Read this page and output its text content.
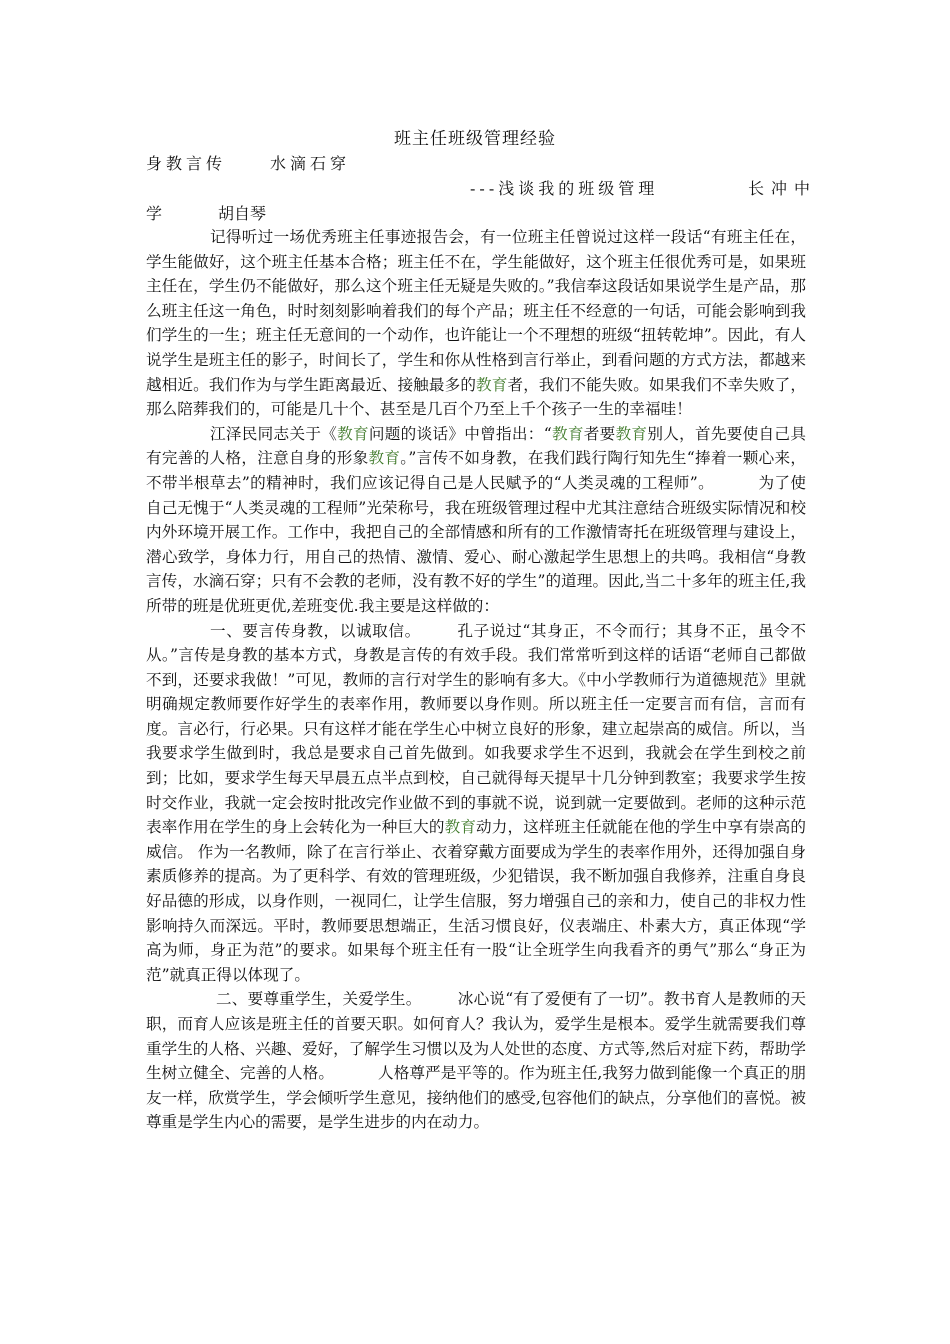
班主任班级管理经验
身教言传	水滴石穿
---浅谈我的班级管理	长冲中
学	胡自琴

记得听过一场优秀班主任事迹报告会，有一位班主任曾说过这样一段话“有班主任在，学生能做好，这个班主任基本合格；班主任不在，学生能做好，这个班主任很优秀可是，如果班主任在，学生仍不能做好，那么这个班主任无疑是失败的。”我信奉这段话如果说学生是产品，那么班主任这一角色，时时刻刻影响着我们的每个产品；班主任不经意的一句话，可能会影响到我们学生的一生；班主任无意间的一个动作，也许能让一个不理想的班级“扭转乾坤”。因此，有人说学生是班主任的影子，时间长了，学生和你从性格到言行举止，到看问题的方式方法，都越来越相近。我们作为与学生距离最近、接触最多的教育者，我们不能失败。如果我们不幸失败了，那么陪葬我们的，可能是几十个、甚至是几百个乃至上千个孩子一生的幸福哇！

江泽民同志关于《教育问题的谈话》中曾指出：“教育者要教育别人，首先要使自己具有完善的人格，注意自身的形象教育。”言传不如身教，在我们践行陶行知先生“捧着一颗心来，不带半根草去”的精神时，我们应该记得自己是人民赋予的“人类灵魂的工程师”。	为了使自己无愧于“人类灵魂的工程师”光荣称号，我在班级管理过程中尤其注意结合班级实际情况和校内外环境开展工作。工作中，我把自己的全部情感和所有的工作激情寄托在班级管理与建设上，潜心致学，身体力行，用自己的热情、激情、爱心、耐心激起学生思想上的共鸣。我相信“身教言传，水滴石穿；只有不会教的老师，没有教不好的学生”的道理。因此,当二十多年的班主任,我所带的班是优班更优,差班变优.我主要是这样做的：

一、要言传身教，以诚取信。 孔子说过“其身正，不令而行；其身不正，虽令不从。”言传是身教的基本方式，身教是言传的有效手段。我们常常听到这样的话语“老师自己都做不到，还要求我做！”可见，教师的言行对学生的影响有多大。《中小学教师行为道德规范》里就明确规定教师要作好学生的表率作用，教师要以身作则。所以班主任一定要言而有信，言而有度。言必行，行必果。只有这样才能在学生心中树立良好的形象，建立起崇高的威信。所以，当我要求学生做到时，我总是要求自己首先做到。如我要求学生不迟到，我就会在学生到校之前到；比如，要求学生每天早晨五点半点到校，自己就得每天提早十几分钟到教室；我要求学生按时交作业，我就一定会按时批改完作业做不到的事就不说，说到就一定要做到。老师的这种示范表率作用在学生的身上会转化为一种巨大的教育动力，这样班主任就能在他的学生中享有崇高的威信。 作为一名教师，除了在言行举止、衣着穿戴方面要成为学生的表率作用外，还得加强自身素质修养的提高。为了更科学、有效的管理班级，少犯错误，我不断加强自我修养，注重自身良好品德的形成，以身作则，一视同仁，让学生信服，努力增强自己的亲和力，使自己的非权力性影响持久而深远。平时，教师要思想端正，生活习惯良好，仪表端庄、朴素大方，真正体现“学高为师，身正为范”的要求。如果每个班主任有一股“让全班学生向我看齐的勇气”那么“身正为范”就真正得以体现了。

二、要尊重学生，关爱学生。 冰心说“有了爱便有了一切”。教书育人是教师的天职，而育人应该是班主任的首要天职。如何育人？我认为，爱学生是根本。爱学生就需要我们尊重学生的人格、兴趣、爱好，了解学生习惯以及为人处世的态度、方式等,然后对症下药，帮助学生树立健全、完善的人格。	人格尊严是平等的。作为班主任,我努力做到能像一个真正的朋友一样，欣赏学生，学会倾听学生意见，接纳他们的感受,包容他们的缺点，分享他们的喜悦。被尊重是学生内心的需要，是学生进步的内在动力。
